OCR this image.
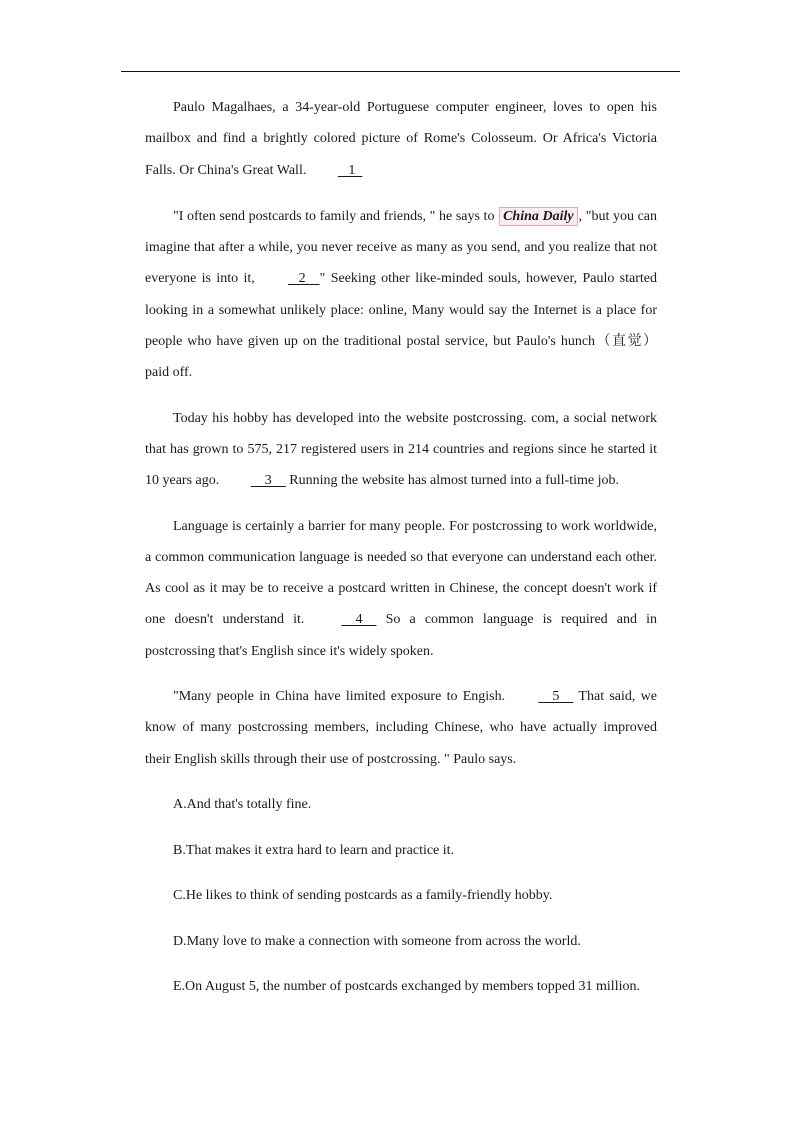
Paulo Magalhaes, a 34-year-old Portuguese computer engineer, loves to open his mailbox and find a brightly colored picture of Rome's Colosseum. Or Africa's Victoria Falls. Or China's Great Wall.    1

"I often send postcards to family and friends, " he says to China Daily , "but you can imagine that after a while, you never receive as many as you send, and you realize that not everyone is into it,    2    " Seeking other like-minded souls, however, Paulo started looking in a somewhat unlikely place: online, Many would say the Internet is a place for people who have given up on the traditional postal service, but Paulo's hunch（直觉）paid off.

Today his hobby has developed into the website postcrossing. com, a social network that has grown to 575, 217 registered users in 214 countries and regions since he started it 10 years ago.     3     Running the website has almost turned into a full-time job.

Language is certainly a barrier for many people. For postcrossing to work worldwide, a common communication language is needed so that everyone can understand each other. As cool as it may be to receive a postcard written in Chinese, the concept doesn't work if one doesn't understand it.     4     So a common language is required and in postcrossing that's English since it's widely spoken.

"Many people in China have limited exposure to Engish.     5     That said, we know of many postcrossing members, including Chinese, who have actually improved their English skills through their use of postcrossing. " Paulo says.

A.And that's totally fine.

B.That makes it extra hard to learn and practice it.

C.He likes to think of sending postcards as a family-friendly hobby.

D.Many love to make a connection with someone from across the world.

E.On August 5, the number of postcards exchanged by members topped 31 million.
